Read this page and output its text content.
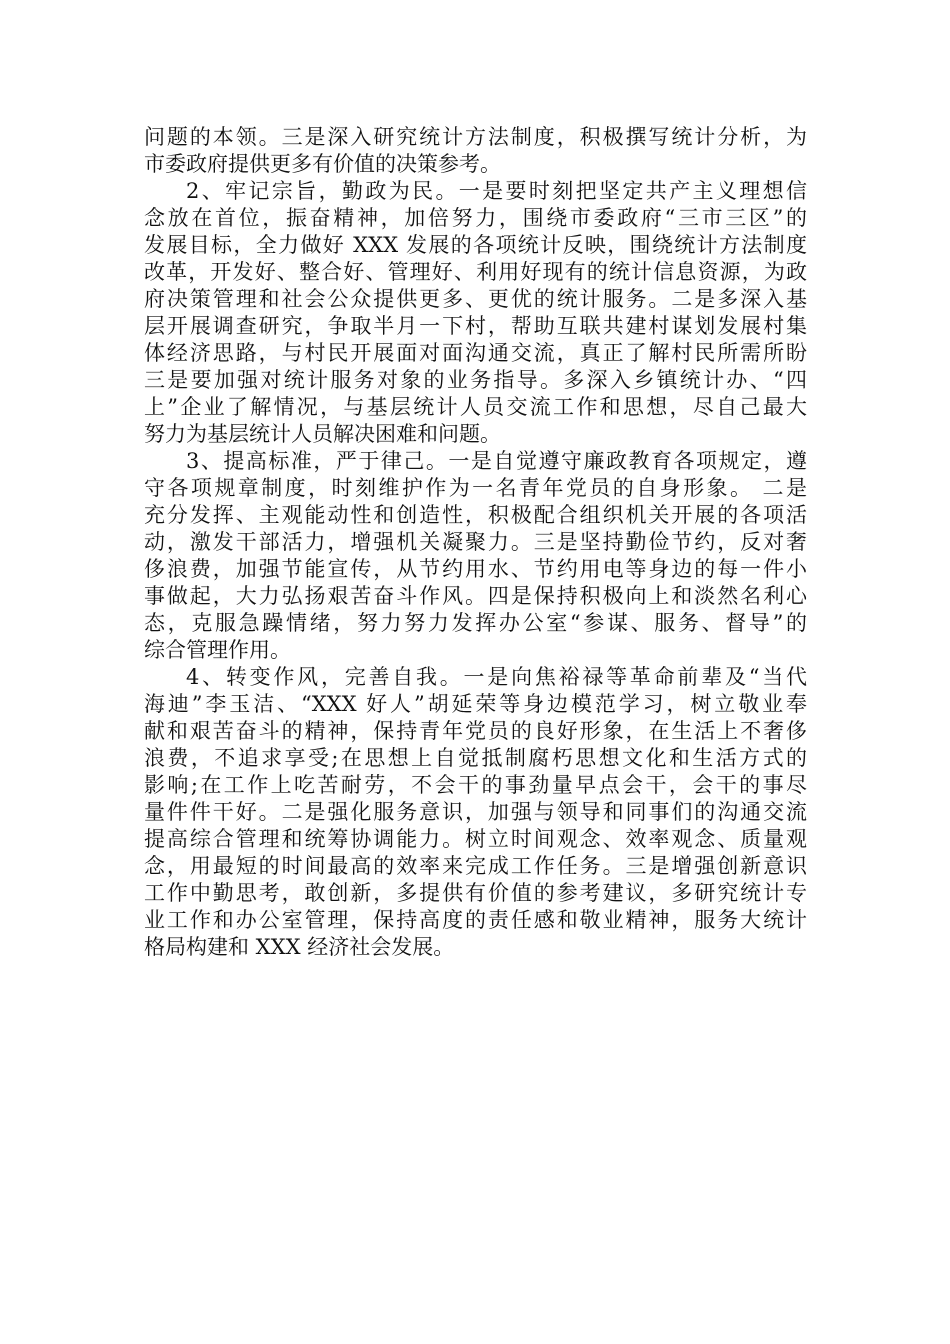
问题的本领。三是深入研究统计方法制度，积极撰写统计分析，为
市委政府提供更多有价值的决策参考。
2、牢记宗旨，勤政为民。一是要时刻把坚定共产主义理想信
念放在首位，振奋精神，加倍努力，围绕市委政府“三市三区”的
发展目标，全力做好 XXX 发展的各项统计反映，围绕统计方法制度
改革，开发好、整合好、管理好、利用好现有的统计信息资源，为政
府决策管理和社会公众提供更多、更优的统计服务。二是多深入基
层开展调查研究，争取半月一下村，帮助互联共建村谋划发展村集
体经济思路，与村民开展面对面沟通交流，真正了解村民所需所盼
三是要加强对统计服务对象的业务指导。多深入乡镇统计办、“四
上”企业了解情况，与基层统计人员交流工作和思想，尽自己最大
努力为基层统计人员解决困难和问题。
3、提高标准，严于律己。一是自觉遵守廉政教育各项规定，遵
守各项规章制度，时刻维护作为一名青年党员的自身形象。 二是
充分发挥、主观能动性和创造性，积极配合组织机关开展的各项活
动，激发干部活力，增强机关凝聚力。三是坚持勤俭节约，反对奢
侈浪费，加强节能宣传，从节约用水、节约用电等身边的每一件小
事做起，大力弘扬艰苦奋斗作风。四是保持积极向上和淡然名利心
态，克服急躁情绪，努力努力发挥办公室“参谋、服务、督导”的
综合管理作用。
4、转变作风，完善自我。一是向焦裕禄等革命前辈及“当代
海迪”李玉洁、“XXX 好人”胡延荣等身边模范学习，树立敬业奉
献和艰苦奋斗的精神，保持青年党员的良好形象，在生活上不奢侈
浪费，不追求享受;在思想上自觉抵制腐朽思想文化和生活方式的
影响;在工作上吃苦耐劳，不会干的事劲量早点会干，会干的事尽
量件件干好。二是强化服务意识，加强与领导和同事们的沟通交流
提高综合管理和统筹协调能力。树立时间观念、效率观念、质量观
念，用最短的时间最高的效率来完成工作任务。三是增强创新意识
工作中勤思考，敢创新，多提供有价值的参考建议，多研究统计专
业工作和办公室管理，保持高度的责任感和敬业精神，服务大统计
格局构建和 XXX 经济社会发展。
